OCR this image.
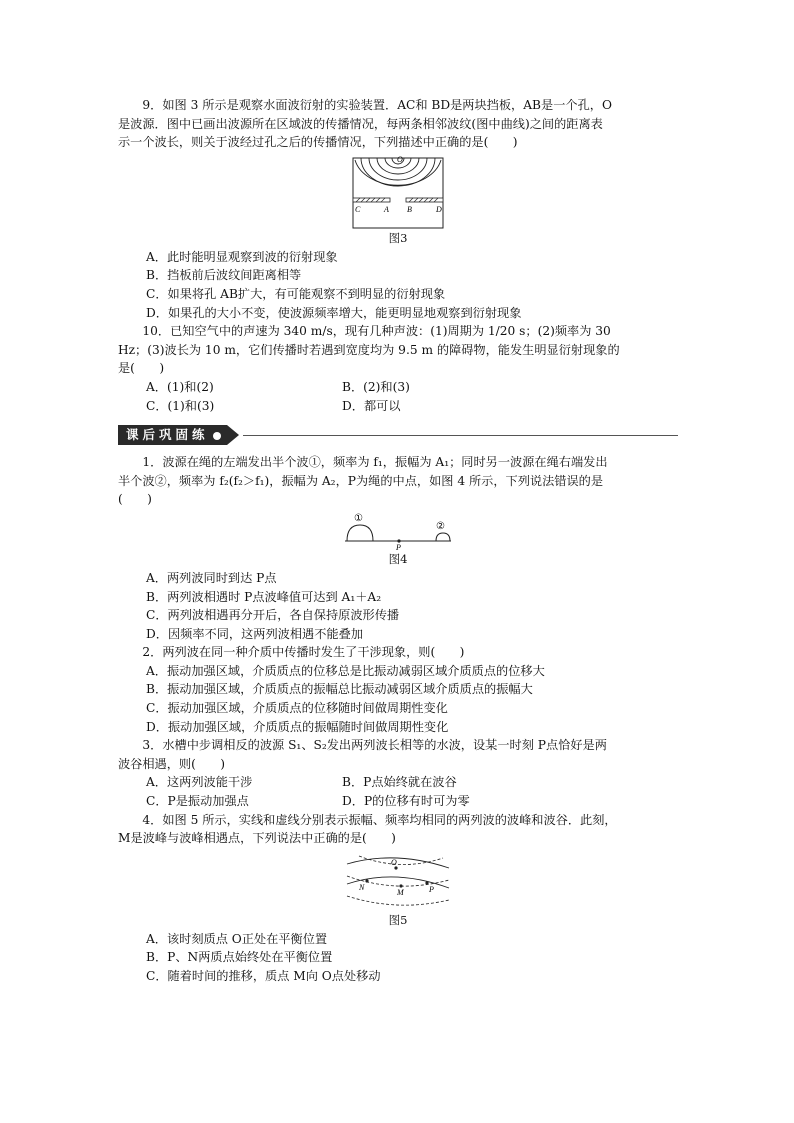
9．如图 3 所示是观察水面波衍射的实验装置．AC和 BD是两块挡板，AB是一个孔，O

是波源．图中已画出波源所在区域波的传播情况，每两条相邻波纹(图中曲线)之间的距离表

示一个波长，则关于波经过孔之后的传播情况，下列描述中正确的是(　　)

O
C	A B	D
图3

A．此时能明显观察到波的衍射现象

B．挡板前后波纹间距离相等

C．如果将孔 AB扩大，有可能观察不到明显的衍射现象

D．如果孔的大小不变，使波源频率增大，能更明显地观察到衍射现象

10．已知空气中的声速为 340 m/s，现有几种声波：(1)周期为 1/20 s；(2)频率为 30

Hz；(3)波长为 10 m，它们传播时若遇到宽度均为 9.5 m 的障碍物，能发生明显衍射现象的

是(　　)

A．(1)和(2)	B．(2)和(3)
C．(1)和(3)	D．都可以
课后巩固练

1．波源在绳的左端发出半个波①，频率为 f₁，振幅为 A₁；同时另一波源在绳右端发出

半个波②，频率为 f₂(f₂＞f₁)，振幅为 A₂，P为绳的中点，如图 4 所示，下列说法错误的是

(　　)

①
②
P
图4

A．两列波同时到达 P点

B．两列波相遇时 P点波峰值可达到 A₁＋A₂

C．两列波相遇再分开后，各自保持原波形传播

D．因频率不同，这两列波相遇不能叠加

2．两列波在同一种介质中传播时发生了干涉现象，则(　　)

A．振动加强区域，介质质点的位移总是比振动减弱区域介质质点的位移大

B．振动加强区域，介质质点的振幅总比振动减弱区域介质质点的振幅大

C．振动加强区域，介质质点的位移随时间做周期性变化

D．振动加强区域，介质质点的振幅随时间做周期性变化

3．水槽中步调相反的波源 S₁、S₂发出两列波长相等的水波，设某一时刻 P点恰好是两

波谷相遇，则(　　)

A．这两列波能干涉	B．P点始终就在波谷
C．P是振动加强点	D．P的位移有时可为零

4．如图 5 所示，实线和虚线分别表示振幅、频率均相同的两列波的波峰和波谷．此刻，

M是波峰与波峰相遇点，下列说法中正确的是(　　)

O
N
M	P
图5

A．该时刻质点 O正处在平衡位置

B．P、N两质点始终处在平衡位置

C．随着时间的推移，质点 M向 O点处移动
